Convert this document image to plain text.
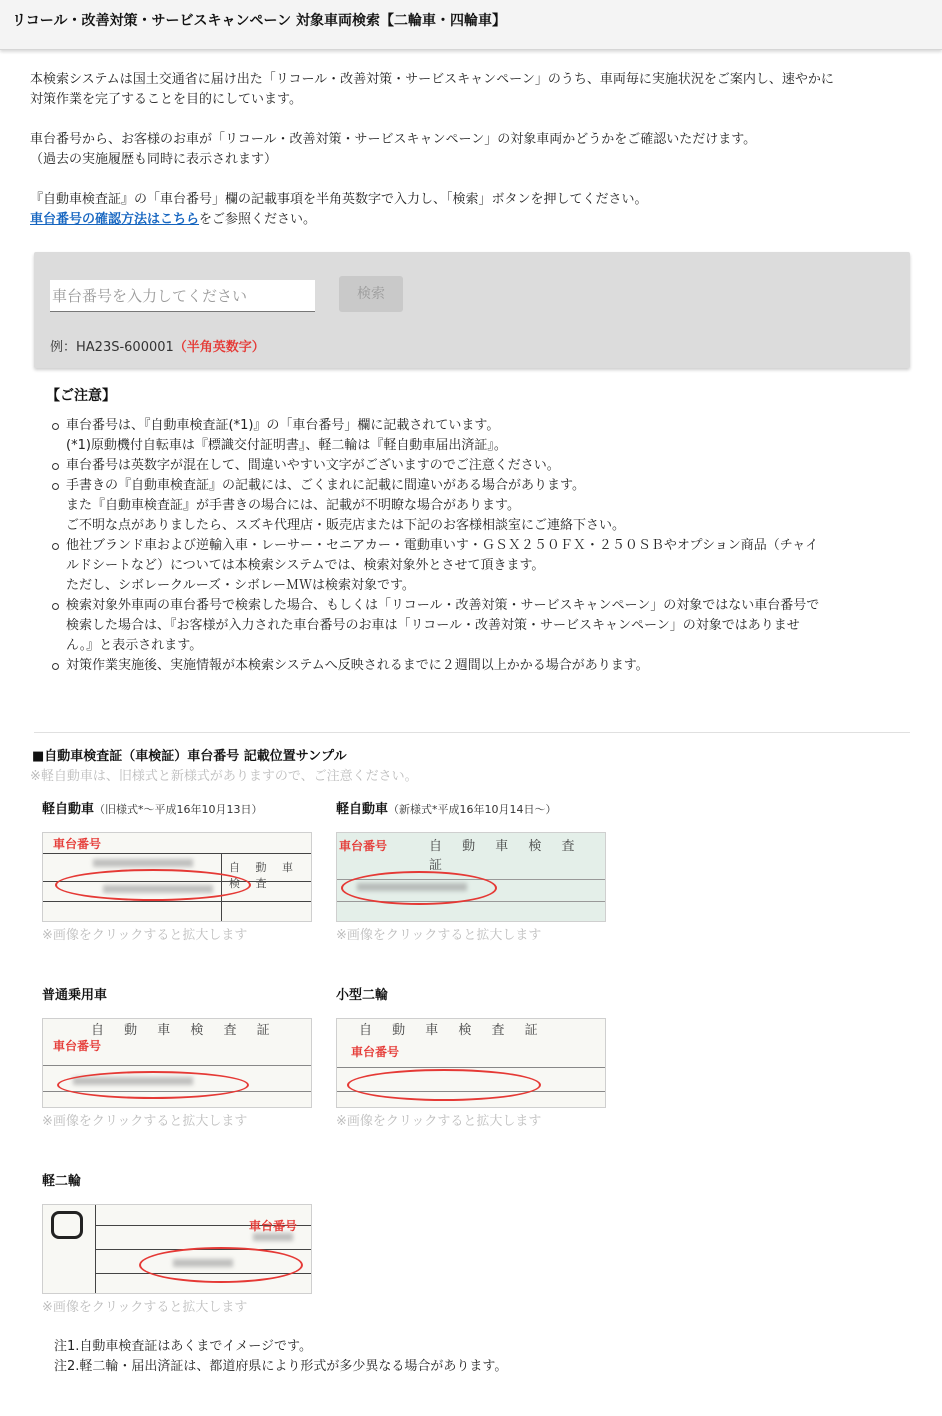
リコール・改善対策・サービスキャンペーン 対象車両検索【二輪車・四輪車】
本検索システムは国土交通省に届け出た「リコール・改善対策・サービスキャンペーン」のうち、車両毎に実施状況をご案内し、速やかに
対策作業を完了することを目的にしています。
車台番号から、お客様のお車が「リコール・改善対策・サービスキャンペーン」の対象車両かどうかをご確認いただけます。
（過去の実施履歴も同時に表示されます）
『自動車検査証』の「車台番号」欄の記載事項を半角英数字で入力し、「検索」ボタンを押してください。
車台番号の確認方法はこちらをご参照ください。
車台番号を入力してください
検索
例：HA23S-600001（半角英数字）
【ご注意】
車台番号は、『自動車検査証(*1)』の「車台番号」欄に記載されています。
(*1)原動機付自転車は『標識交付証明書』、軽二輪は『軽自動車届出済証』。
車台番号は英数字が混在して、間違いやすい文字がございますのでご注意ください。
手書きの『自動車検査証』の記載には、ごくまれに記載に間違いがある場合があります。
また『自動車検査証』が手書きの場合には、記載が不明瞭な場合があります。
ご不明な点がありましたら、スズキ代理店・販売店または下記のお客様相談室にご連絡下さい。
他社ブランド車および逆輸入車・レーサー・セニアカー・電動車いす・ＧＳＸ２５０ＦＸ・２５０ＳＢやオプション商品（チャイ
ルドシートなど）については本検索システムでは、検索対象外とさせて頂きます。
ただし、シボレークルーズ・シボレーＭＷは検索対象です。
検索対象外車両の車台番号で検索した場合、もしくは「リコール・改善対策・サービスキャンペーン」の対象ではない車台番号で
検索した場合は、『お客様が入力された車台番号のお車は「リコール・改善対策・サービスキャンペーン」の対象ではありませ
ん。』と表示されます。
対策作業実施後、実施情報が本検索システムへ反映されるまでに２週間以上かかる場合があります。
■自動車検査証（車検証）車台番号 記載位置サンプル
※軽自動車は、旧様式と新様式がありますので、ご注意ください。
軽自動車（旧様式*～平成16年10月13日）
自 動 車 検 査
車台番号
※画像をクリックすると拡大します
軽自動車（新様式*平成16年10月14日～）
自 動 車 検 査 証
車台番号
※画像をクリックすると拡大します
普通乗用車
自 動 車 検 査 証
車台番号
※画像をクリックすると拡大します
小型二輪
自 動 車 検 査 証
車台番号
※画像をクリックすると拡大します
軽二輪
車台番号
※画像をクリックすると拡大します
注1.自動車検査証はあくまでイメージです。
注2.軽二輪・届出済証は、都道府県により形式が多少異なる場合があります。
